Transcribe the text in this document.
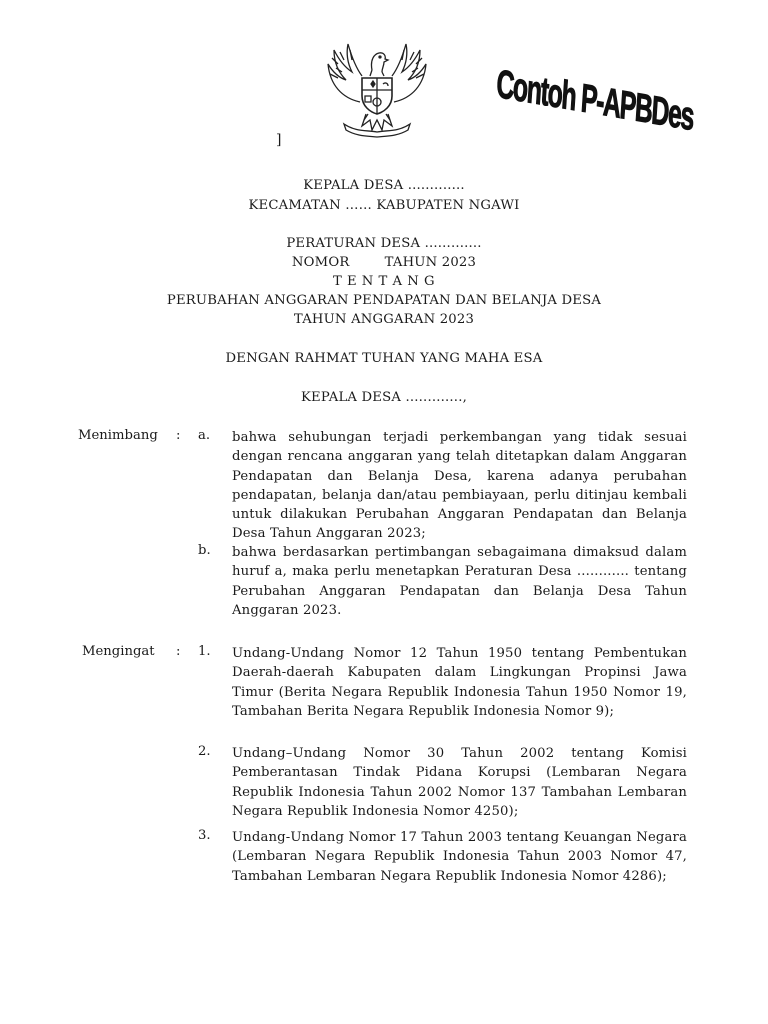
Contoh P-APBDes
]
KEPALA DESA .............
KECAMATAN …… KABUPATEN NGAWI
PERATURAN DESA .............
NOMOR        TAHUN 2023
T E N T A N G
PERUBAHAN ANGGARAN PENDAPATAN DAN BELANJA DESA
TAHUN ANGGARAN 2023
DENGAN RAHMAT TUHAN YANG MAHA ESA
KEPALA DESA .............,
Menimbang : a. bahwa sehubungan terjadi perkembangan yang tidak sesuai dengan rencana anggaran yang telah ditetapkan dalam Anggaran Pendapatan dan Belanja Desa, karena adanya perubahan pendapatan, belanja dan/atau pembiayaan, perlu ditinjau kembali untuk dilakukan Perubahan Anggaran Pendapatan dan Belanja Desa Tahun Anggaran 2023;
b. bahwa berdasarkan pertimbangan sebagaimana dimaksud dalam huruf a, maka perlu menetapkan Peraturan Desa ............ tentang Perubahan Anggaran Pendapatan dan Belanja Desa Tahun Anggaran 2023.
Mengingat : 1. Undang-Undang Nomor 12 Tahun 1950 tentang Pembentukan Daerah-daerah Kabupaten dalam Lingkungan Propinsi Jawa Timur (Berita Negara Republik Indonesia Tahun 1950 Nomor 19, Tambahan Berita Negara Republik Indonesia Nomor 9);
2. Undang–Undang Nomor 30 Tahun 2002 tentang Komisi Pemberantasan Tindak Pidana Korupsi (Lembaran Negara Republik Indonesia Tahun 2002 Nomor 137 Tambahan Lembaran Negara Republik Indonesia Nomor 4250);
3. Undang-Undang Nomor 17 Tahun 2003 tentang Keuangan Negara (Lembaran Negara Republik Indonesia Tahun 2003 Nomor 47, Tambahan Lembaran Negara Republik Indonesia Nomor 4286);
